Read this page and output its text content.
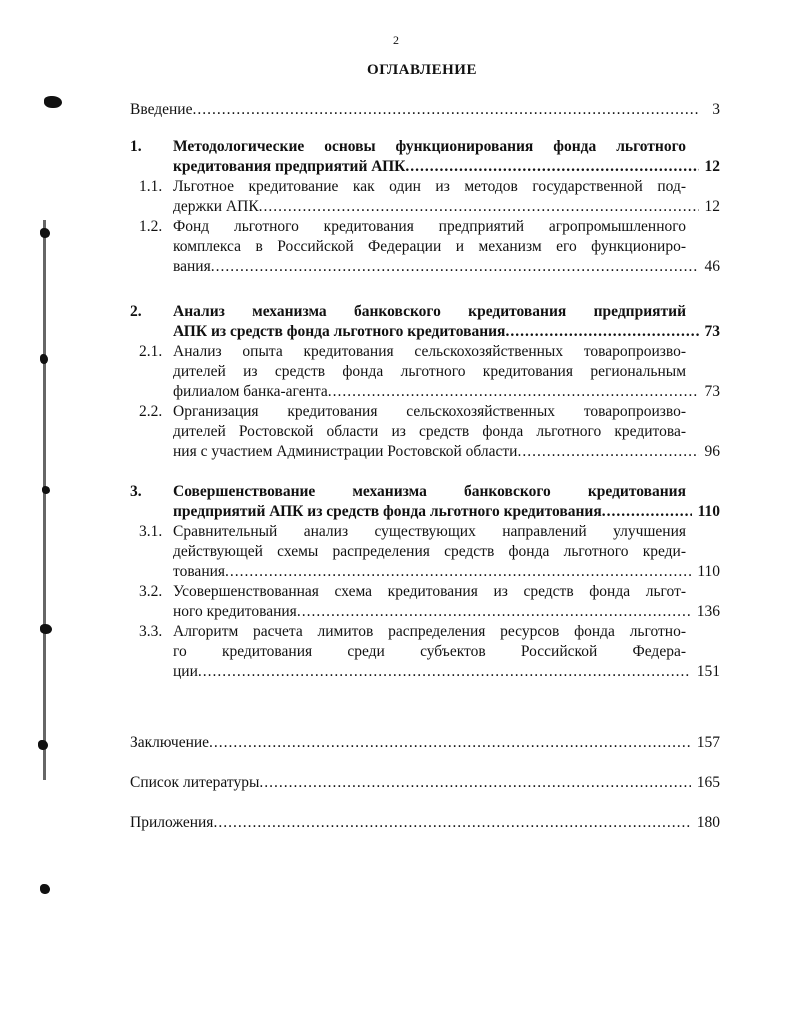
2
ОГЛАВЛЕНИЕ
Введение .....	3
1. Методологические основы функционирования фонда льготного
кредитования предприятий АПК .....	12
1.1. Льготное кредитование как один из методов государственной под-
держки АПК .....	12
1.2. Фонд льготного кредитования предприятий агропромышленного
комплекса в Российской Федерации и механизм его функциониро-
вания .....	46
2. Анализ механизма банковского кредитования предприятий
АПК из средств фонда льготного кредитования .....	73
2.1. Анализ опыта кредитования сельскохозяйственных товаропроизво-
дителей из средств фонда льготного кредитования региональным
филиалом банка-агента .....	73
2.2. Организация кредитования сельскохозяйственных товаропроизво-
дителей Ростовской области из средств фонда льготного кредитова-
ния с участием Администрации Ростовской области .....	96
3. Совершенствование механизма банковского кредитования
предприятий АПК из средств фонда льготного кредитования .....	110
3.1. Сравнительный анализ существующих направлений улучшения
действующей схемы распределения средств фонда льготного креди-
тования .....	110
3.2. Усовершенствованная схема кредитования из средств фонда льгот-
ного кредитования .....	136
3.3. Алгоритм расчета лимитов распределения ресурсов фонда льготно-
го кредитования среди субъектов Российской Федера-
ции .....	151
Заключение .....	157
Список литературы .....	165
Приложения .....	180
